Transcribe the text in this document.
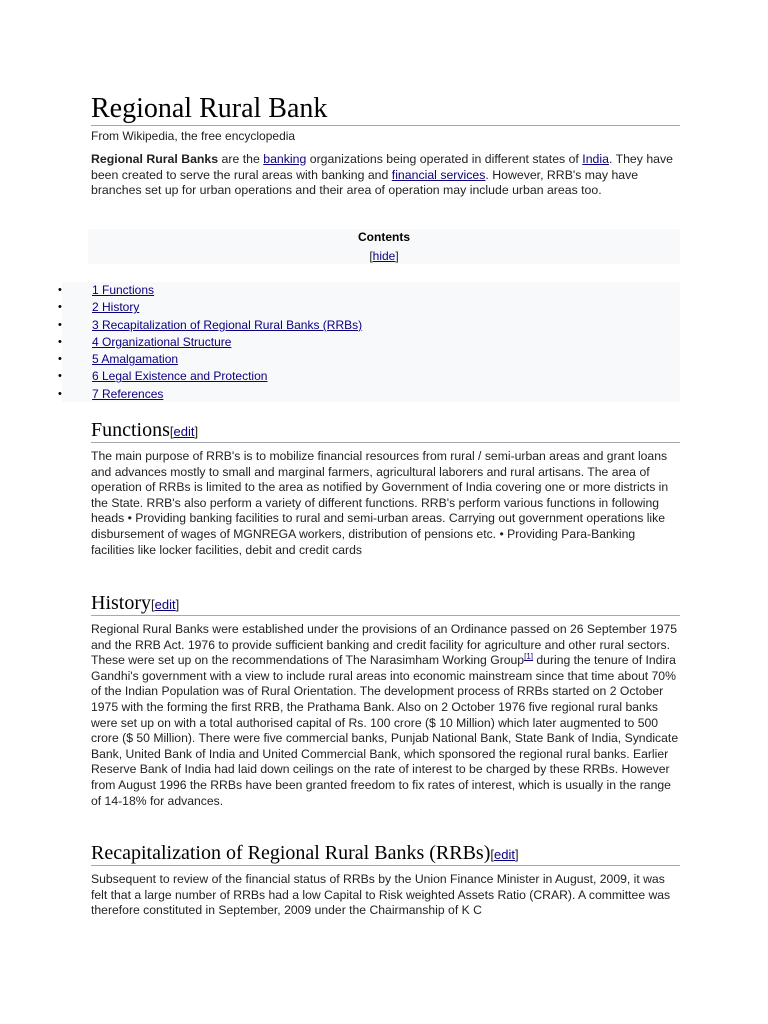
Regional Rural Bank

From Wikipedia, the free encyclopedia

Regional Rural Banks are the banking organizations being operated in different states of India. They have been created to serve the rural areas with banking and financial services. However, RRB's may have branches set up for urban operations and their area of operation may include urban areas too.

Contents
[hide]
•	1 Functions
•	2 History
•	3 Recapitalization of Regional Rural Banks (RRBs)
•	4 Organizational Structure
•	5 Amalgamation
•	6 Legal Existence and Protection
•	7 References
Functions[edit]

The main purpose of RRB's is to mobilize financial resources from rural / semi-urban areas and grant loans and advances mostly to small and marginal farmers, agricultural laborers and rural artisans. The area of operation of RRBs is limited to the area as notified by Government of India covering one or more districts in the State. RRB's also perform a variety of different functions. RRB's perform various functions in following heads • Providing banking facilities to rural and semi-urban areas. Carrying out government operations like disbursement of wages of MGNREGA workers, distribution of pensions etc. • Providing Para-Banking facilities like locker facilities, debit and credit cards

History[edit]

Regional Rural Banks were established under the provisions of an Ordinance passed on 26 September 1975 and the RRB Act. 1976 to provide sufficient banking and credit facility for agriculture and other rural sectors. These were set up on the recommendations of The Narasimham Working Group[1] during the tenure of Indira Gandhi's government with a view to include rural areas into economic mainstream since that time about 70% of the Indian Population was of Rural Orientation. The development process of RRBs started on 2 October 1975 with the forming the first RRB, the Prathama Bank. Also on 2 October 1976 five regional rural banks were set up on with a total authorised capital of Rs. 100 crore ($ 10 Million) which later augmented to 500 crore ($ 50 Million). There were five commercial banks, Punjab National Bank, State Bank of India, Syndicate Bank, United Bank of India and United Commercial Bank, which sponsored the regional rural banks. Earlier Reserve Bank of India had laid down ceilings on the rate of interest to be charged by these RRBs. However from August 1996 the RRBs have been granted freedom to fix rates of interest, which is usually in the range of 14-18% for advances.

Recapitalization of Regional Rural Banks (RRBs)[edit]

Subsequent to review of the financial status of RRBs by the Union Finance Minister in August, 2009, it was felt that a large number of RRBs had a low Capital to Risk weighted Assets Ratio (CRAR). A committee was therefore constituted in September, 2009 under the Chairmanship of K C
